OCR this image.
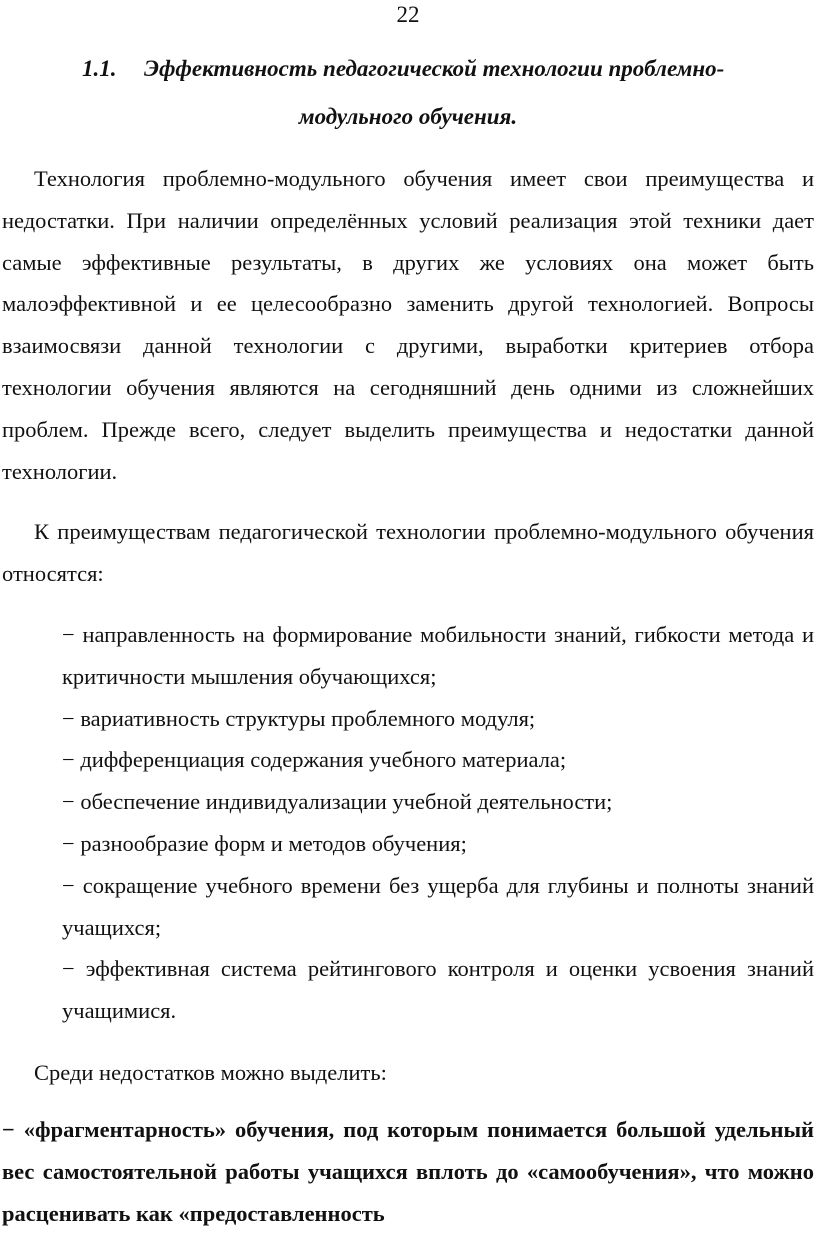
22
1.1. Эффективность педагогической технологии проблемно-
модульного обучения.

Технология проблемно-модульного обучения имеет свои преимущества и недостатки. При наличии определённых условий реализация этой техники дает самые эффективные результаты, в других же условиях она может быть малоэффективной и ее целесообразно заменить другой технологией. Вопросы взаимосвязи данной технологии с другими, выработки критериев отбора технологии обучения являются на сегодняшний день одними из сложнейших проблем. Прежде всего, следует выделить преимущества и недостатки данной технологии.

К преимуществам педагогической технологии проблемно-модульного обучения относятся:

− направленность на формирование мобильности знаний, гибкости метода и критичности мышления обучающихся;
− вариативность структуры проблемного модуля;
− дифференциация содержания учебного материала;
− обеспечение индивидуализации учебной деятельности;
− разнообразие форм и методов обучения;
− сокращение учебного времени без ущерба для глубины и полноты знаний учащихся;
− эффективная система рейтингового контроля и оценки усвоения знаний учащимися.

Среди недостатков можно выделить:

− «фрагментарность» обучения, под которым понимается большой удельный вес самостоятельной работы учащихся вплоть до «самообучения», что можно расценивать как «предоставленность
